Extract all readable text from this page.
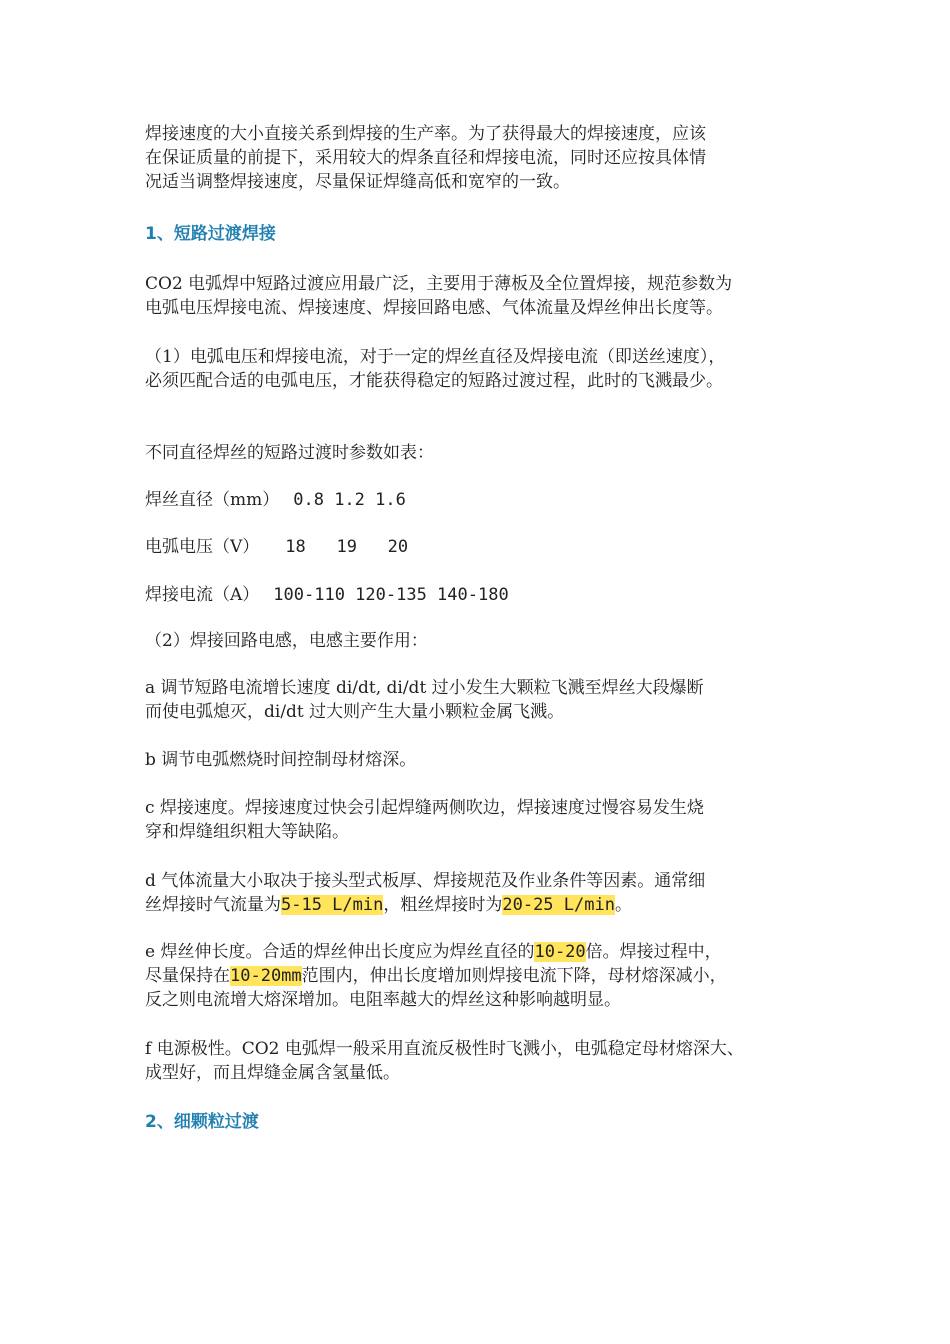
焊接速度的大小直接关系到焊接的生产率。为了获得最大的焊接速度，应该
在保证质量的前提下，采用较大的焊条直径和焊接电流，同时还应按具体情
况适当调整焊接速度，尽量保证焊缝高低和宽窄的一致。
1、短路过渡焊接
CO2 电弧焊中短路过渡应用最广泛，主要用于薄板及全位置焊接，规范参数为
电弧电压焊接电流、焊接速度、焊接回路电感、气体流量及焊丝伸出长度等。
（1）电弧电压和焊接电流，对于一定的焊丝直径及焊接电流（即送丝速度），
必须匹配合适的电弧电压，才能获得稳定的短路过渡过程，此时的飞溅最少。
不同直径焊丝的短路过渡时参数如表：
焊丝直径（mm） 0.8 1.2 1.6
电弧电压（V） 18   19   20
焊接电流（A） 100-110 120-135 140-180
（2）焊接回路电感，电感主要作用：
a 调节短路电流增长速度 di/dt, di/dt 过小发生大颗粒飞溅至焊丝大段爆断
而使电弧熄灭，di/dt 过大则产生大量小颗粒金属飞溅。
b 调节电弧燃烧时间控制母材熔深。
c 焊接速度。焊接速度过快会引起焊缝两侧吹边，焊接速度过慢容易发生烧
穿和焊缝组织粗大等缺陷。
d 气体流量大小取决于接头型式板厚、焊接规范及作业条件等因素。通常细
丝焊接时气流量为5-15 L/min，粗丝焊接时为20-25 L/min。
e 焊丝伸长度。合适的焊丝伸出长度应为焊丝直径的10-20倍。焊接过程中，
尽量保持在10-20mm范围内，伸出长度增加则焊接电流下降，母材熔深减小，
反之则电流增大熔深增加。电阻率越大的焊丝这种影响越明显。
f 电源极性。CO2 电弧焊一般采用直流反极性时飞溅小，电弧稳定母材熔深大、
成型好，而且焊缝金属含氢量低。
2、细颗粒过渡
